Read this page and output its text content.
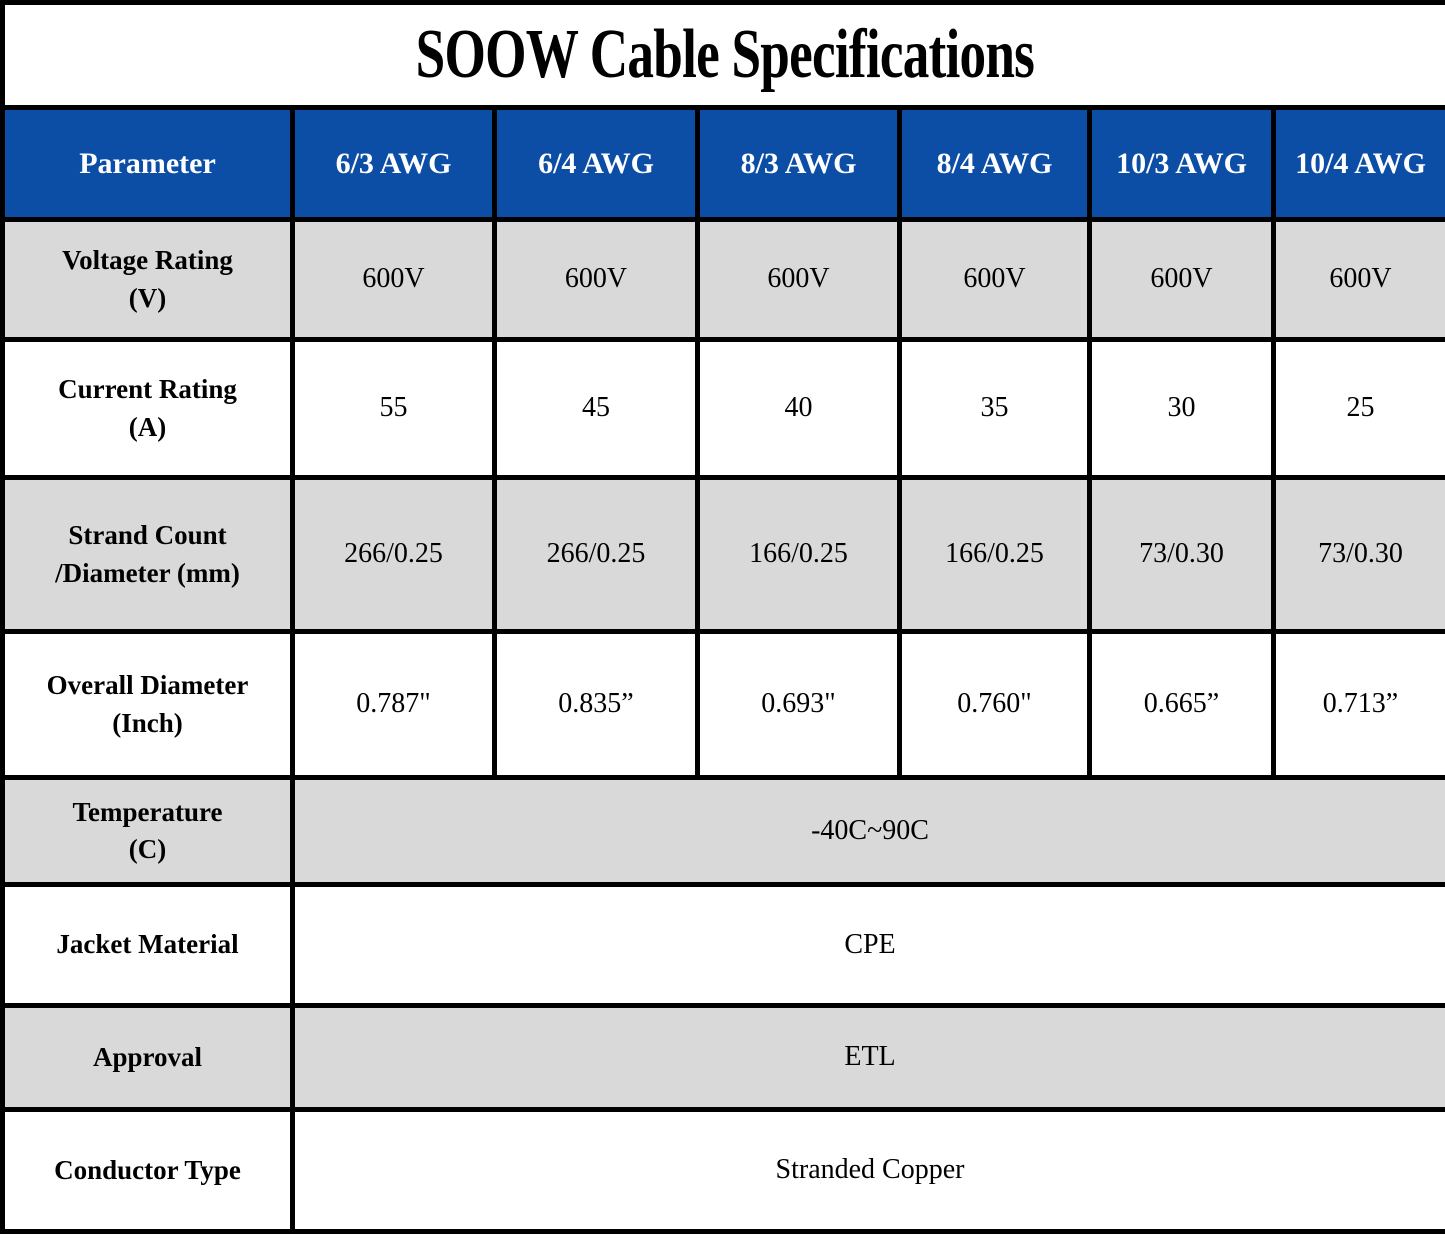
SOOW Cable Specifications						
Parameter	6/3 AWG	6/4 AWG	8/3 AWG	8/4 AWG	10/3 AWG	10/4 AWG

Voltage Rating
(V)	600V	600V	600V	600V	600V	600V

Current Rating
(A)	55	45	40	35	30	25

Strand Count
/Diameter (mm)	266/0.25	266/0.25	166/0.25	166/0.25	73/0.30	73/0.30

Overall Diameter
(Inch)	0.787"	0.835”	0.693"	0.760"	0.665”	0.713”

Temperature
(C)	-40C~90C					

Jacket Material	CPE					

Approval	ETL					

Conductor Type	Stranded Copper					
